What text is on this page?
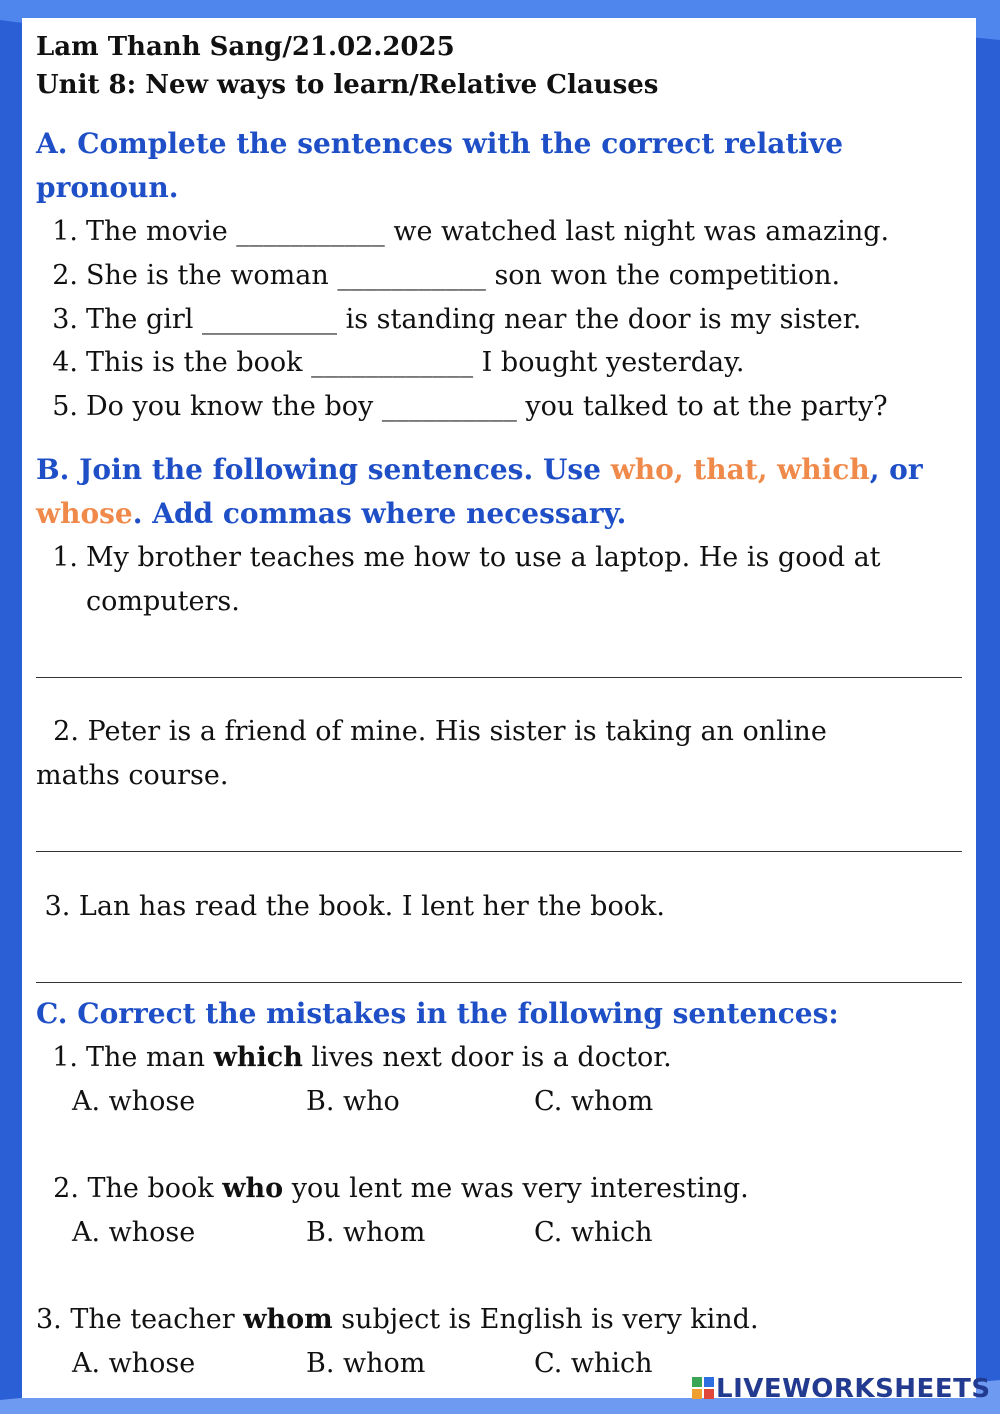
Lam Thanh Sang/21.02.2025
Unit 8: New ways to learn/Relative Clauses
A. Complete the sentences with the correct relative
pronoun.
1. The movie ___________ we watched last night was amazing.
2. She is the woman ___________ son won the competition.
3. The girl __________ is standing near the door is my sister.
4. This is the book ____________ I bought yesterday.
5. Do you know the boy __________ you talked to at the party?
B. Join the following sentences. Use who, that, which, or
whose. Add commas where necessary.
1. My brother teaches me how to use a laptop. He is good at
computers.
2. Peter is a friend of mine. His sister is taking an online
maths course.
3. Lan has read the book. I lent her the book.
C. Correct the mistakes in the following sentences:
1. The man which lives next door is a doctor.
A. whose	B. who	C. whom
2. The book who you lent me was very interesting.
A. whose	B. whom	C. which
3. The teacher whom subject is English is very kind.
A. whose	B. whom	C. which
LIVEWORKSHEETS
